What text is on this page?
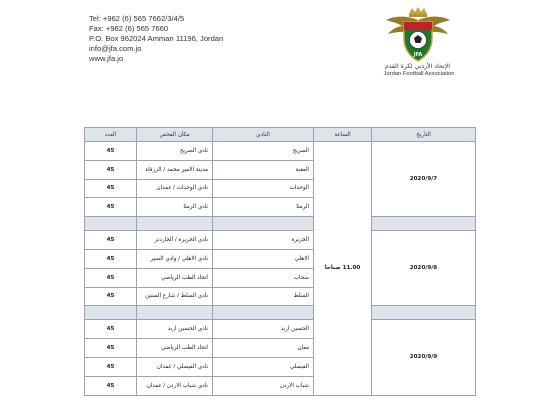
Tel: +962 (6) 565 7662/3/4/5
Fax: +962 (6) 565 7660
P.O. Box 962024 Amman 11196, Jordan
info@jfa.com.jo
www.jfa.jo	JFA
الإتحاد الأردني لكرة القدم
Jordan Football Association
التاريخ	الساعة	النادي	مكان الفحص	العدد
2020/9/7	11.00 صباحا	الصريح	نادي الصريح	45
		العقبة	مدينة الامير محمد / الزرقاء	45
		الوحدات	نادي الوحدات / غمدان	45
		الرمثا	نادي الرمثا	45

2020/9/8		الجزيرة	نادي الجزيرة / الجاردنز	45
		الاهلي	نادي الاهلي / وادي السير	45
		سحاب	اتحاد الطب الرياضي	45
		السلط	نادي السلط / شارع الستين	45

2020/9/9		الحسين اربد	نادي الحسين اربد	45
		معان	اتحاد الطب الرياضي	45
		الفيصلي	نادي الفيصلي / غمدان	45
		شباب الاردن	نادي شباب الاردن / غمدان	45
